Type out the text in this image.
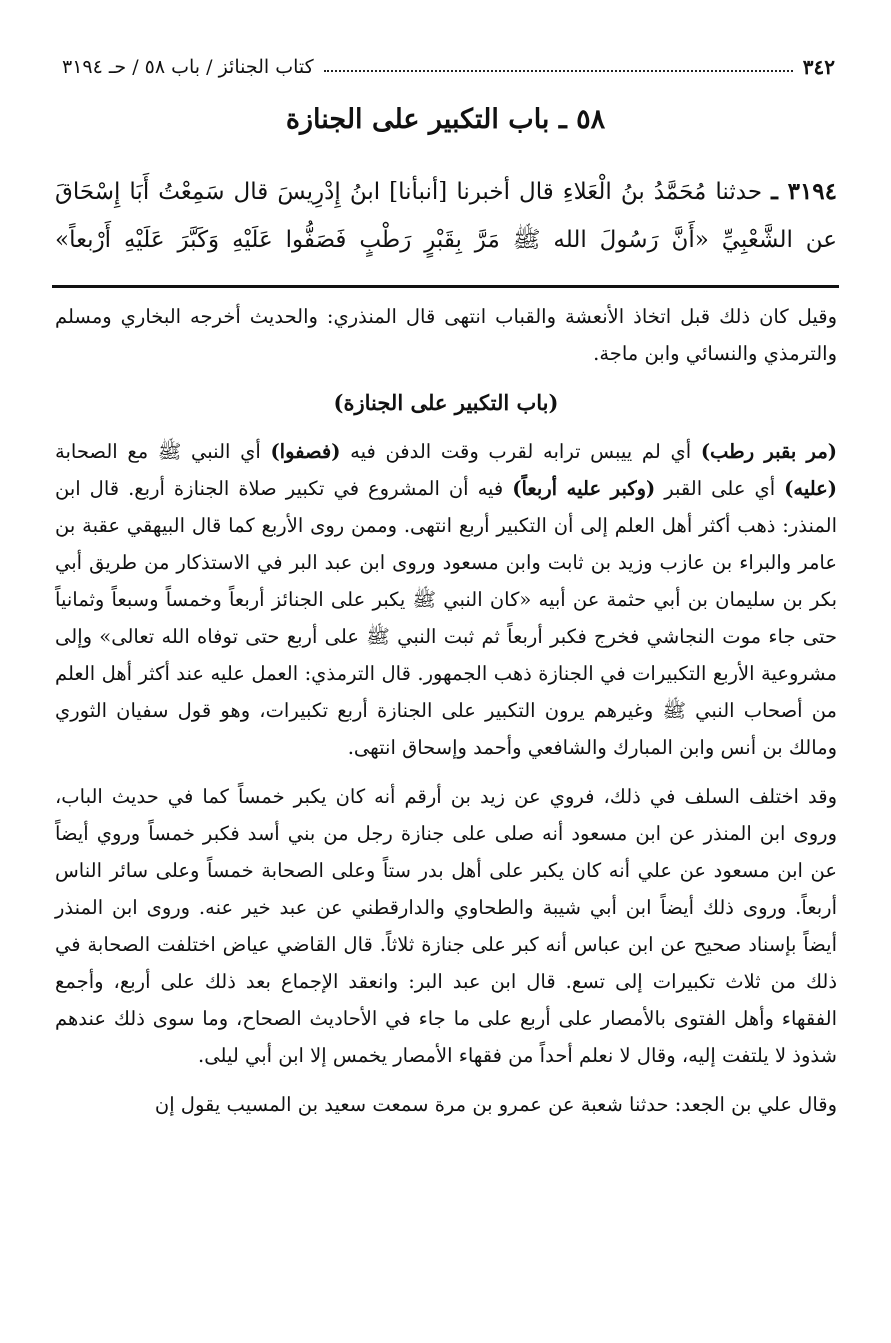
٣٤٢
كتاب الجنائز / باب ٥٨ / حـ ٣١٩٤
٥٨ ـ باب التكبير على الجنازة
٣١٩٤ ـ حدثنا مُحَمَّدُ بنُ الْعَلاءِ قال أخبرنا [أنبأنا] ابنُ إِدْرِيسَ قال سَمِعْتُ أَبَا إِسْحَاقَ عن الشَّعْبِيِّ «أَنَّ رَسُولَ الله ﷺ مَرَّ بِقَبْرٍ رَطْبٍ فَصَفُّوا عَلَيْهِ وَكَبَّرَ عَلَيْهِ أَرْبعاً»

وقيل كان ذلك قبل اتخاذ الأنعشة والقباب انتهى قال المنذري: والحديث أخرجه البخاري ومسلم والترمذي والنسائي وابن ماجة.

(باب التكبير على الجنازة)

(مر بقبر رطب) أي لم ييبس ترابه لقرب وقت الدفن فيه (فصفوا) أي النبي ﷺ مع الصحابة (عليه) أي على القبر (وكبر عليه أربعاً) فيه أن المشروع في تكبير صلاة الجنازة أربع. قال ابن المنذر: ذهب أكثر أهل العلم إلى أن التكبير أربع انتهى. وممن روى الأربع كما قال البيهقي عقبة بن عامر والبراء بن عازب وزيد بن ثابت وابن مسعود وروى ابن عبد البر في الاستذكار من طريق أبي بكر بن سليمان بن أبي حثمة عن أبيه «كان النبي ﷺ يكبر على الجنائز أربعاً وخمساً وسبعاً وثمانياً حتى جاء موت النجاشي فخرج فكبر أربعاً ثم ثبت النبي ﷺ على أربع حتى توفاه الله تعالى» وإلى مشروعية الأربع التكبيرات في الجنازة ذهب الجمهور. قال الترمذي: العمل عليه عند أكثر أهل العلم من أصحاب النبي ﷺ وغيرهم يرون التكبير على الجنازة أربع تكبيرات، وهو قول سفيان الثوري ومالك بن أنس وابن المبارك والشافعي وأحمد وإسحاق انتهى.

وقد اختلف السلف في ذلك، فروي عن زيد بن أرقم أنه كان يكبر خمساً كما في حديث الباب، وروى ابن المنذر عن ابن مسعود أنه صلى على جنازة رجل من بني أسد فكبر خمساً وروي أيضاً عن ابن مسعود عن علي أنه كان يكبر على أهل بدر ستاً وعلى الصحابة خمساً وعلى سائر الناس أربعاً. وروى ذلك أيضاً ابن أبي شيبة والطحاوي والدارقطني عن عبد خير عنه. وروى ابن المنذر أيضاً بإسناد صحيح عن ابن عباس أنه كبر على جنازة ثلاثاً. قال القاضي عياض اختلفت الصحابة في ذلك من ثلاث تكبيرات إلى تسع. قال ابن عبد البر: وانعقد الإجماع بعد ذلك على أربع، وأجمع الفقهاء وأهل الفتوى بالأمصار على أربع على ما جاء في الأحاديث الصحاح، وما سوى ذلك عندهم شذوذ لا يلتفت إليه، وقال لا نعلم أحداً من فقهاء الأمصار يخمس إلا ابن أبي ليلى.

وقال علي بن الجعد: حدثنا شعبة عن عمرو بن مرة سمعت سعيد بن المسيب يقول إن
